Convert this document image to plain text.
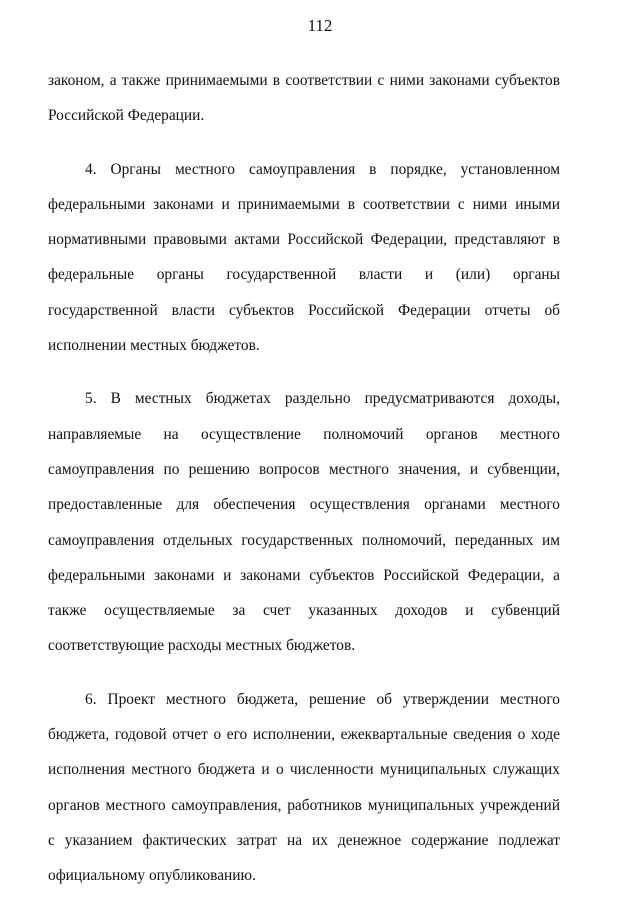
112

законом, а также принимаемыми в соответствии с ними законами субъектов Российской Федерации.

4. Органы местного самоуправления в порядке, установленном федеральными законами и принимаемыми в соответствии с ними иными нормативными правовыми актами Российской Федерации, представляют в федеральные органы государственной власти и (или) органы государственной власти субъектов Российской Федерации отчеты об исполнении местных бюджетов.

5. В местных бюджетах раздельно предусматриваются доходы, направляемые на осуществление полномочий органов местного самоуправления по решению вопросов местного значения, и субвенции, предоставленные для обеспечения осуществления органами местного самоуправления отдельных государственных полномочий, переданных им федеральными законами и законами субъектов Российской Федерации, а также осуществляемые за счет указанных доходов и субвенций соответствующие расходы местных бюджетов.

6. Проект местного бюджета, решение об утверждении местного бюджета, годовой отчет о его исполнении, ежеквартальные сведения о ходе исполнения местного бюджета и о численности муниципальных служащих органов местного самоуправления, работников муниципальных учреждений с указанием фактических затрат на их денежное содержание подлежат официальному опубликованию.
